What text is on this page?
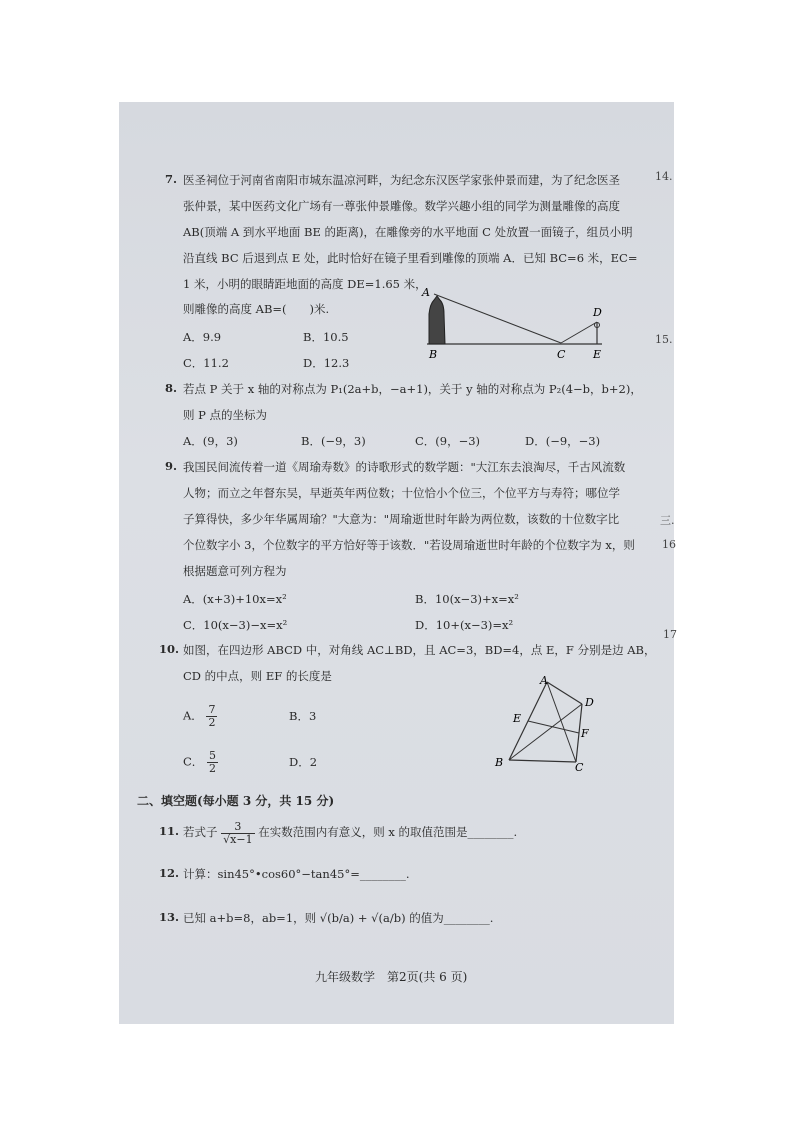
7. 医圣祠位于河南省南阳市城东温凉河畔，为纪念东汉医学家张仲景而建，为了纪念医圣
张仲景，某中医药文化广场有一尊张仲景雕像。数学兴趣小组的同学为测量雕像的高度
AB(顶端 A 到水平地面 BE 的距离)，在雕像旁的水平地面 C 处放置一面镜子，组员小明
沿直线 BC 后退到点 E 处，此时恰好在镜子里看到雕像的顶端 A．已知 BC=6 米，EC=
1 米，小明的眼睛距地面的高度 DE=1.65 米，
则雕像的高度 AB=(　　)米.
A．9.9	B．10.5
C．11.2	D．12.3
A
B	C
D
E
8. 若点 P 关于 x 轴的对称点为 P₁(2a+b，−a+1)，关于 y 轴的对称点为 P₂(4−b，b+2)，
则 P 点的坐标为
A．(9，3)	B．(−9，3)	C．(9，−3)	D．(−9，−3)
9. 我国民间流传着一道《周瑜寿数》的诗歌形式的数学题："大江东去浪淘尽，千古风流数
人物；而立之年督东吴，早逝英年两位数；十位恰小个位三，个位平方与寿符；哪位学
子算得快，多少年华属周瑜？"大意为："周瑜逝世时年龄为两位数，该数的十位数字比
个位数字小 3，个位数字的平方恰好等于该数．"若设周瑜逝世时年龄的个位数字为 x，则
根据题意可列方程为
A．(x+3)+10x=x²	B．10(x−3)+x=x²
C．10(x−3)−x=x²	D．10+(x−3)=x²
10. 如图，在四边形 ABCD 中，对角线 AC⊥BD，且 AC=3，BD=4，点 E，F 分别是边 AB，
CD 的中点，则 EF 的长度是
A． $\frac{7}{2}$	B．3
C． $\frac{5}{2}$	D．2
A
B	C
D
E
F
二、填空题(每小题 3 分，共 15 分)
11. 若式子 $\frac{3}{√x-1}$ 在实数范围内有意义，则 x 的取值范围是________.
12. 计算：sin45°•cos60°−tan45°=________.
13. 已知 a+b=8，ab=1，则 √(b/a) + √(a/b) 的值为________.
九年级数学　第2页(共 6 页)
14.
15.
三.
16
17
